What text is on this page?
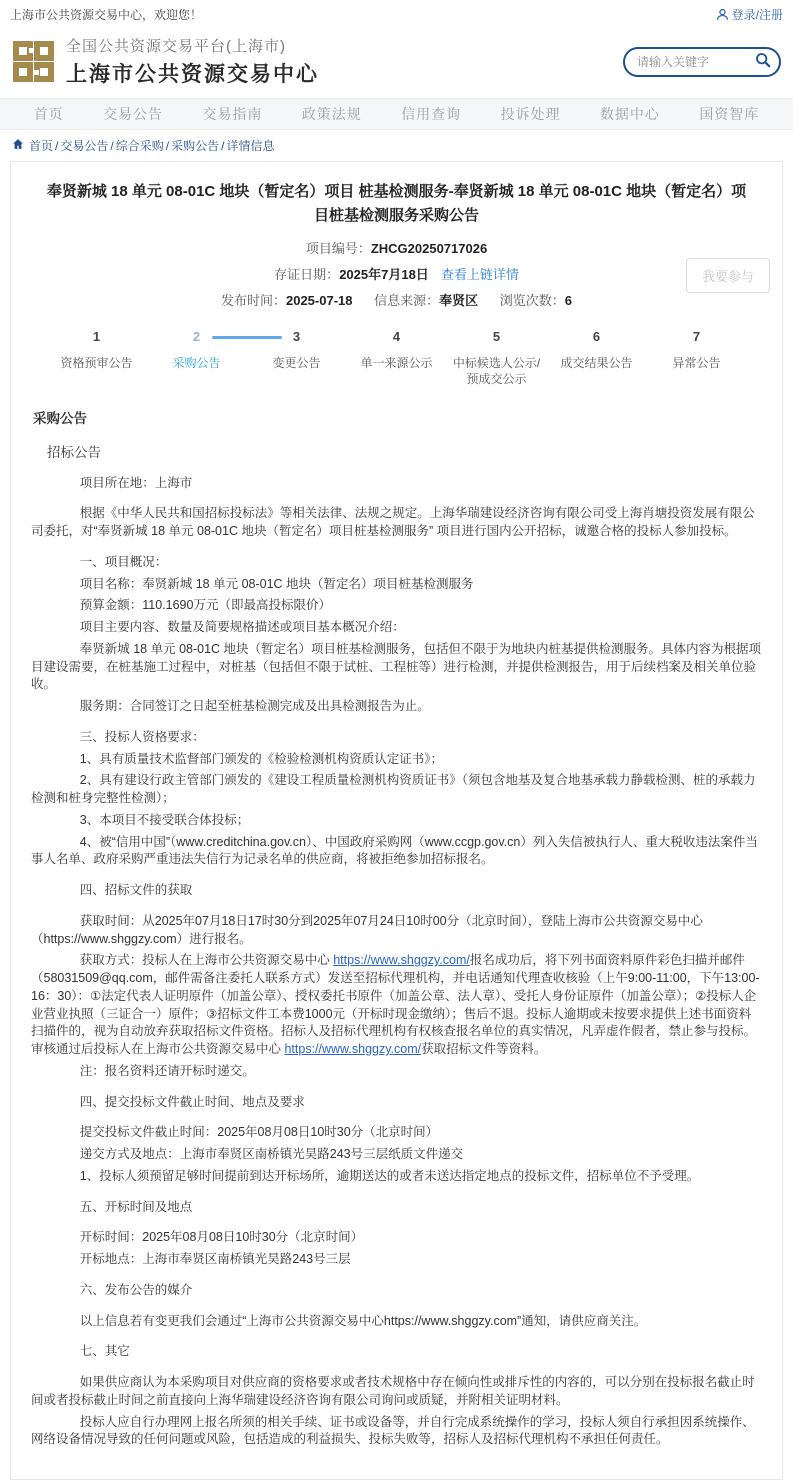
上海市公共资源交易中心，欢迎您！	登录/注册
全国公共资源交易平台(上海市)
上海市公共资源交易中心
请输入关键字
首页	交易公告	交易指南	政策法规	信用查询	投诉处理	数据中心	国资智库
首页 / 交易公告 / 综合采购 / 采购公告 / 详情信息
奉贤新城 18 单元 08-01C 地块（暂定名）项目 桩基检测服务-奉贤新城 18 单元 08-01C 地块（暂定名）项目桩基检测服务采购公告
项目编号：ZHCG20250717026
存证日期：2025年7月18日 查看上链详情
发布时间：2025-07-18 信息来源：奉贤区 浏览次数：6
我要参与
1
资格预审公告
2
采购公告
3
变更公告
4
单一来源公示
5
中标候选人公示/预成交公示
6
成交结果公告
7
异常公告
采购公告
招标公告
项目所在地：上海市
根据《中华人民共和国招标投标法》等相关法律、法规之规定。上海华瑞建设经济咨询有限公司受上海肖塘投资发展有限公司委托，对“奉贤新城 18 单元 08-01C 地块（暂定名）项目桩基检测服务” 项目进行国内公开招标，诚邀合格的投标人参加投标。
一、项目概况：
项目名称：奉贤新城 18 单元 08-01C 地块（暂定名）项目桩基检测服务
预算金额：110.1690万元（即最高投标限价）
项目主要内容、数量及简要规格描述或项目基本概况介绍：
奉贤新城 18 单元 08-01C 地块（暂定名）项目桩基检测服务，包括但不限于为地块内桩基提供检测服务。具体内容为根据项目建设需要，在桩基施工过程中，对桩基（包括但不限于试桩、工程桩等）进行检测，并提供检测报告，用于后续档案及相关单位验收。
服务期：合同签订之日起至桩基检测完成及出具检测报告为止。
三、投标人资格要求：
1、具有质量技术监督部门颁发的《检验检测机构资质认定证书》；
2、具有建设行政主管部门颁发的《建设工程质量检测机构资质证书》（须包含地基及复合地基承载力静载检测、桩的承载力检测和桩身完整性检测）；
3、本项目不接受联合体投标；
4、被“信用中国”（www.creditchina.gov.cn）、中国政府采购网（www.ccgp.gov.cn）列入失信被执行人、重大税收违法案件当事人名单、政府采购严重违法失信行为记录名单的供应商，将被拒绝参加招标报名。
四、招标文件的获取
获取时间：从2025年07月18日17时30分到2025年07月24日10时00分（北京时间），登陆上海市公共资源交易中心（https://www.shggzy.com）进行报名。
获取方式：投标人在上海市公共资源交易中心 https://www.shggzy.com/报名成功后，将下列书面资料原件彩色扫描并邮件（58031509@qq.com，邮件需备注委托人联系方式）发送至招标代理机构，并电话通知代理查收核验（上午9:00-11:00，下午13:00-16：30）：①法定代表人证明原件（加盖公章）、授权委托书原件（加盖公章、法人章）、受托人身份证原件（加盖公章）；②投标人企业营业执照（三证合一）原件；③招标文件工本费1000元（开标时现金缴纳）；售后不退。投标人逾期或未按要求提供上述书面资料扫描件的，视为自动放弃获取招标文件资格。招标人及招标代理机构有权核查报名单位的真实情况，凡弄虚作假者，禁止参与投标。审核通过后投标人在上海市公共资源交易中心 https://www.shggzy.com/获取招标文件等资料。
注：报名资料还请开标时递交。
四、提交投标文件截止时间、地点及要求
提交投标文件截止时间：2025年08月08日10时30分（北京时间）
递交方式及地点：上海市奉贤区南桥镇光昊路243号三层纸质文件递交
1、投标人须预留足够时间提前到达开标场所，逾期送达的或者未送达指定地点的投标文件，招标单位不予受理。
五、开标时间及地点
开标时间：2025年08月08日10时30分（北京时间）
开标地点：上海市奉贤区南桥镇光昊路243号三层
六、发布公告的媒介
以上信息若有变更我们会通过“上海市公共资源交易中心https://www.shggzy.com”通知，请供应商关注。
七、其它
如果供应商认为本采购项目对供应商的资格要求或者技术规格中存在倾向性或排斥性的内容的，可以分别在投标报名截止时间或者投标截止时间之前直接向上海华瑞建设经济咨询有限公司询问或质疑，并附相关证明材料。
投标人应自行办理网上报名所须的相关手续、证书或设备等，并自行完成系统操作的学习，投标人须自行承担因系统操作、网络设备情况导致的任何问题或风险，包括造成的利益损失、投标失败等，招标人及招标代理机构不承担任何责任。
